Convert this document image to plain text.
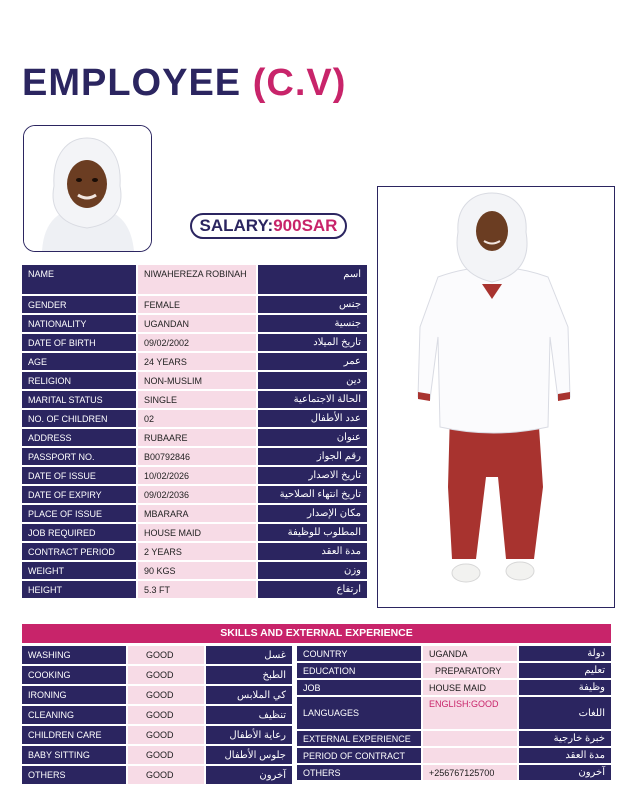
EMPLOYEE (C.V)
SALARY: 900SAR
NAME	NIWAHEREZA ROBINAH	اسم
GENDER	FEMALE	جنس
NATIONALITY	UGANDAN	جنسية
DATE OF BIRTH	09/02/2002	تاريخ الميلاد
AGE	24 YEARS	عمر
RELIGION	NON-MUSLIM	دين
MARITAL STATUS	SINGLE	الحالة الاجتماعية
NO. OF CHILDREN	02	عدد الأطفال
ADDRESS	RUBAARE	عنوان
PASSPORT NO.	B00792846	رقم الجواز
DATE OF ISSUE	10/02/2026	تاريخ الاصدار
DATE OF EXPIRY	09/02/2036	تاريخ انتهاء الصلاحية
PLACE OF ISSUE	MBARARA	مكان الإصدار
JOB REQUIRED	HOUSE MAID	المطلوب للوظيفة
CONTRACT PERIOD	2 YEARS	مدة العقد
WEIGHT	90 KGS	وزن
HEIGHT	5.3 FT	ارتفاع
SKILLS AND EXTERNAL EXPERIENCE
WASHING	GOOD	غسل
COOKING	GOOD	الطبخ
IRONING	GOOD	كي الملابس
CLEANING	GOOD	تنظيف
CHILDREN CARE	GOOD	رعاية الأطفال
BABY SITTING	GOOD	جلوس الأطفال
OTHERS	GOOD	آخرون
COUNTRY	UGANDA	دولة
EDUCATION	PREPARATORY	تعليم
JOB	HOUSE MAID	وظيفة
LANGUAGES	ENGLISH:GOOD	اللغات
EXTERNAL EXPERIENCE		خبرة خارجية
PERIOD OF CONTRACT		مدة العقد
OTHERS	+256767125700	آخرون
